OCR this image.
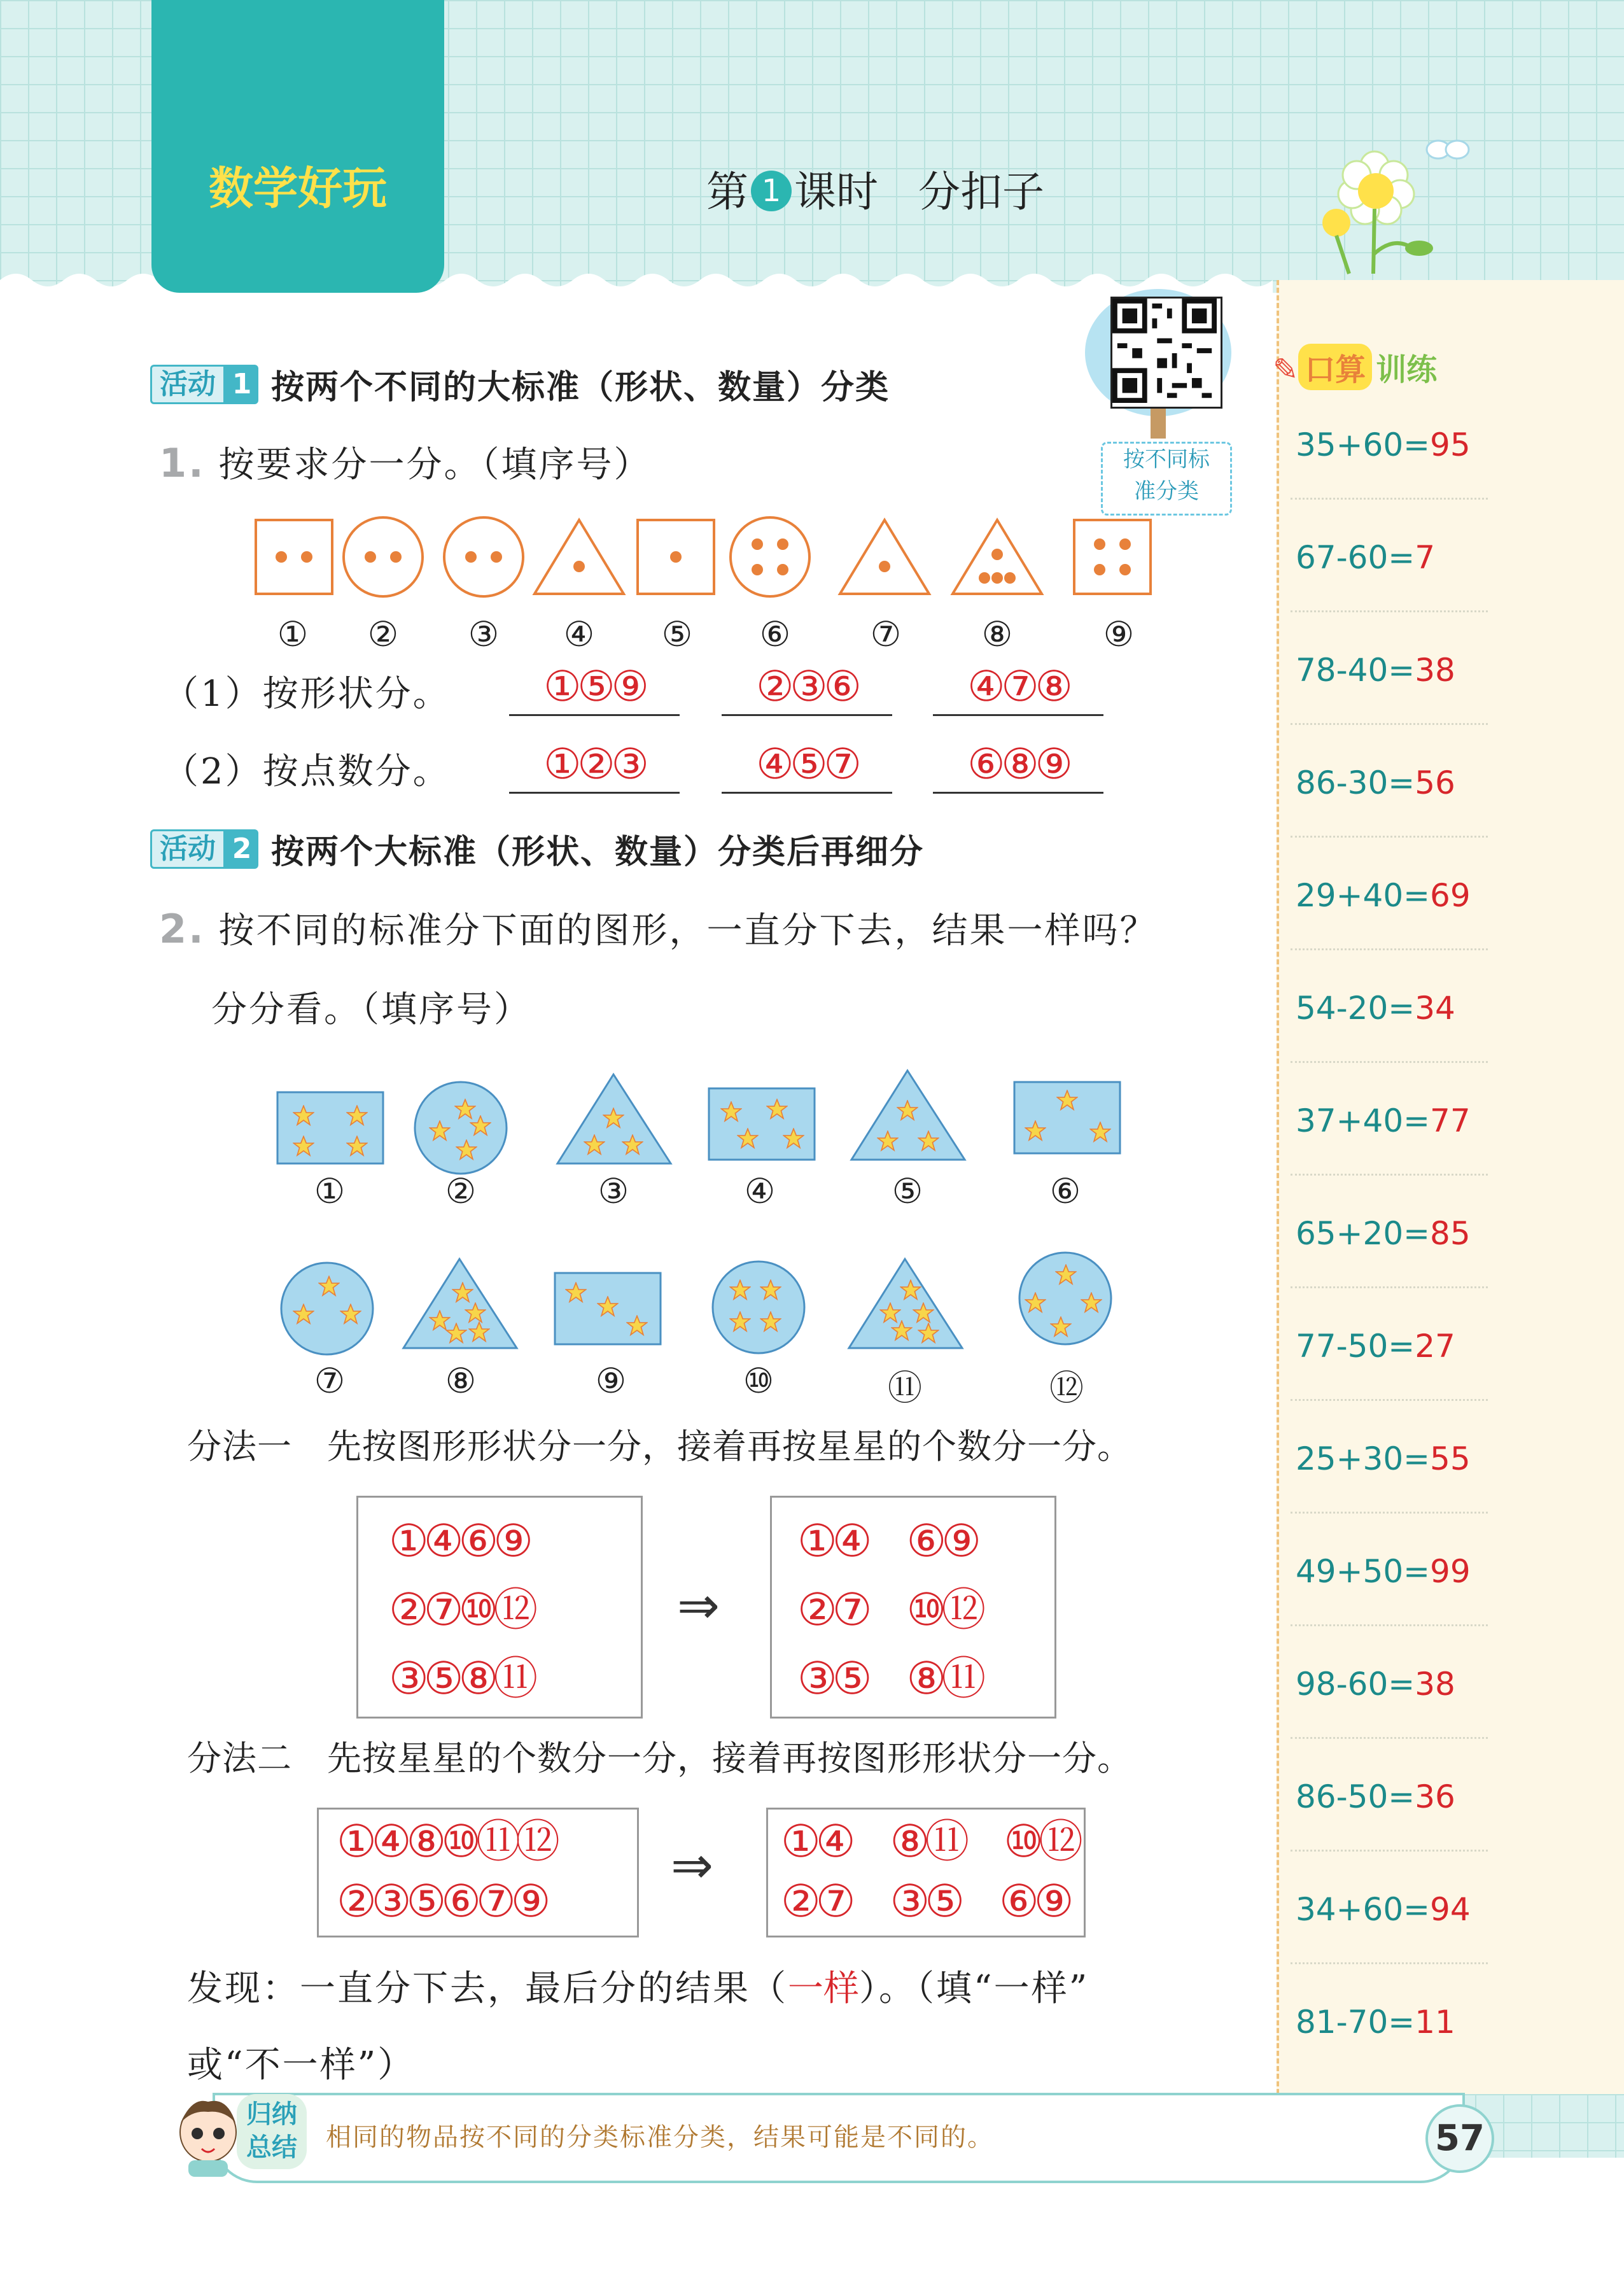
数学好玩	第 1 课时 分扣子
✎ 口算 训练
35+60=95
67-60=7
78-40=38
86-30=56
29+40=69
54-20=34
37+40=77
65+20=85
77-50=27
25+30=55
49+50=99
98-60=38
86-50=36
34+60=94
81-70=11
按不同标
准分类
活动 1 按两个不同的大标准（形状、数量）分类
1. 按要求分一分。（填序号）
① ② ③ ④ ⑤ ⑥ ⑦ ⑧	⑨
（1）按形状分。	①⑤⑨	②③⑥	④⑦⑧
（2）按点数分。	①②③	④⑤⑦	⑥⑧⑨
活动 2 按两个大标准（形状、数量）分类后再细分
2. 按不同的标准分下面的图形，一直分下去，结果一样吗？
分分看。（填序号）
①	②	③	④	⑤	⑥
⑦	⑧	⑨	⑩	⑪	⑫
分法一　先按图形形状分一分，接着再按星星的个数分一分。
①④⑥⑨
②⑦⑩⑫
③⑤⑧⑪
⇒
①④　⑥⑨
②⑦　⑩⑫
③⑤　⑧⑪
分法二　先按星星的个数分一分，接着再按图形形状分一分。
①④⑧⑩⑪⑫
②③⑤⑥⑦⑨
⇒ ①④　⑧⑪　⑩⑫
②⑦　③⑤　⑥⑨
发现：一直分下去，最后分的结果（一样）。（填“一样”
或“不一样”）
归纳
总结	相同的物品按不同的分类标准分类，结果可能是不同的。	57
